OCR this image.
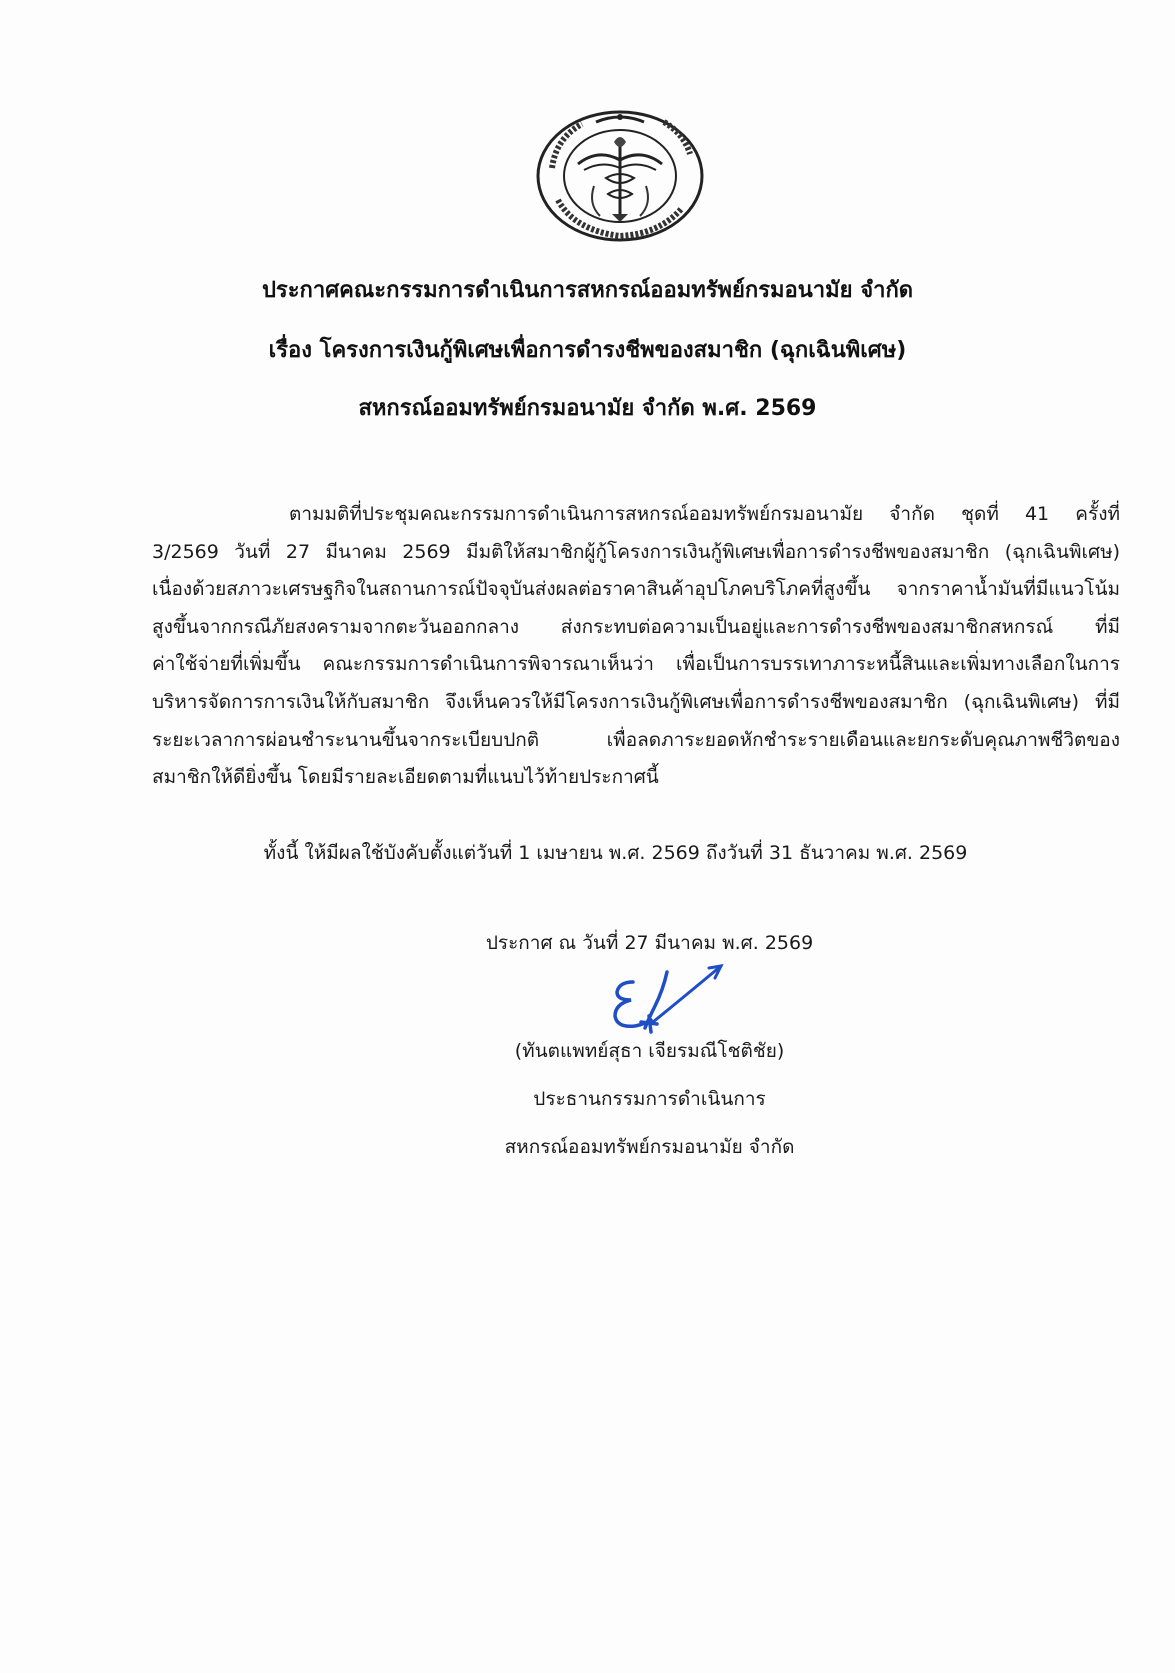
ประกาศคณะกรรมการดำเนินการสหกรณ์ออมทรัพย์กรมอนามัย จำกัด
เรื่อง โครงการเงินกู้พิเศษเพื่อการดำรงชีพของสมาชิก (ฉุกเฉินพิเศษ)
สหกรณ์ออมทรัพย์กรมอนามัย จำกัด พ.ศ. 2569
ตามมติที่ประชุมคณะกรรมการดำเนินการสหกรณ์ออมทรัพย์กรมอนามัย จำกัด ชุดที่ 41 ครั้งที่
3/2569 วันที่ 27 มีนาคม 2569 มีมติให้สมาชิกผู้กู้โครงการเงินกู้พิเศษเพื่อการดำรงชีพของสมาชิก (ฉุกเฉินพิเศษ)
เนื่องด้วยสภาวะเศรษฐกิจในสถานการณ์ปัจจุบันส่งผลต่อราคาสินค้าอุปโภคบริโภคที่สูงขึ้น จากราคาน้ำมันที่มีแนวโน้ม
สูงขึ้นจากกรณีภัยสงครามจากตะวันออกกลาง ส่งกระทบต่อความเป็นอยู่และการดำรงชีพของสมาชิกสหกรณ์ ที่มี
ค่าใช้จ่ายที่เพิ่มขึ้น คณะกรรมการดำเนินการพิจารณาเห็นว่า เพื่อเป็นการบรรเทาภาระหนี้สินและเพิ่มทางเลือกในการ
บริหารจัดการการเงินให้กับสมาชิก จึงเห็นควรให้มีโครงการเงินกู้พิเศษเพื่อการดำรงชีพของสมาชิก (ฉุกเฉินพิเศษ) ที่มี
ระยะเวลาการผ่อนชำระนานขึ้นจากระเบียบปกติ เพื่อลดภาระยอดหักชำระรายเดือนและยกระดับคุณภาพชีวิตของ
สมาชิกให้ดียิ่งขึ้น โดยมีรายละเอียดตามที่แนบไว้ท้ายประกาศนี้
ทั้งนี้ ให้มีผลใช้บังคับตั้งแต่วันที่ 1 เมษายน พ.ศ. 2569 ถึงวันที่ 31 ธันวาคม พ.ศ. 2569
ประกาศ ณ วันที่ 27 มีนาคม พ.ศ. 2569
(ทันตแพทย์สุธา เจียรมณีโชติชัย)
ประธานกรรมการดำเนินการ
สหกรณ์ออมทรัพย์กรมอนามัย จำกัด
